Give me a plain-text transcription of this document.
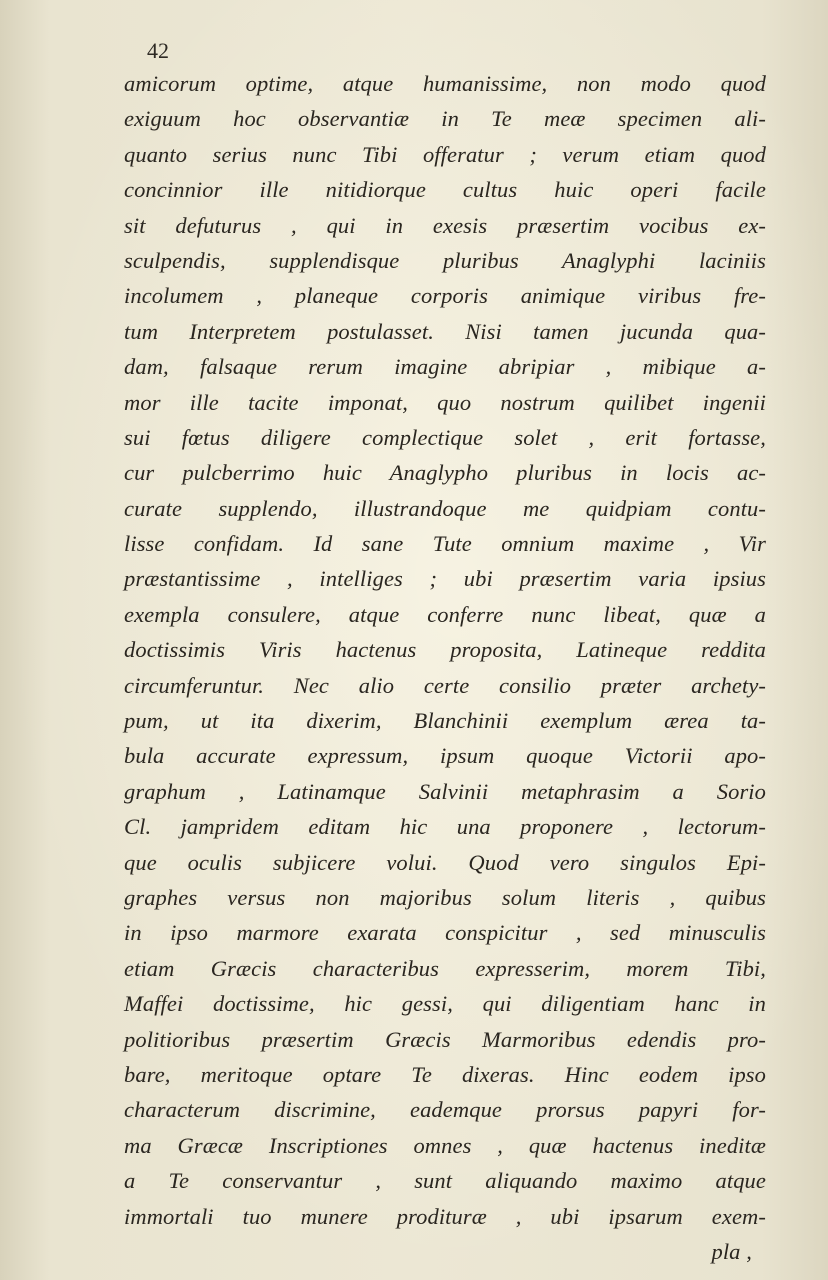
42
amicorum optime, atque humanissime, non modo quod
exiguum hoc observantiæ in Te meæ specimen ali-
quanto serius nunc Tibi offeratur ; verum etiam quod
concinnior ille nitidiorque cultus huic operi facile
sit defuturus , qui in exesis præsertim vocibus ex-
sculpendis, supplendisque pluribus Anaglyphi laciniis
incolumem , planeque corporis animique viribus fre-
tum Interpretem postulasset. Nisi tamen jucunda qua-
dam, falsaque rerum imagine abripiar , mibique a-
mor ille tacite imponat, quo nostrum quilibet ingenii
sui fœtus diligere complectique solet , erit fortasse,
cur pulcberrimo huic Anaglypho pluribus in locis ac-
curate supplendo, illustrandoque me quidpiam contu-
lisse confidam. Id sane Tute omnium maxime , Vir
præstantissime , intelliges ; ubi præsertim varia ipsius
exempla consulere, atque conferre nunc libeat, quæ a
doctissimis Viris hactenus proposita, Latineque reddita
circumferuntur. Nec alio certe consilio præter archety-
pum, ut ita dixerim, Blanchinii exemplum ærea ta-
bula accurate expressum, ipsum quoque Victorii apo-
graphum , Latinamque Salvinii metaphrasim a Sorio
Cl. jampridem editam hic una proponere , lectorum-
que oculis subjicere volui. Quod vero singulos Epi-
graphes versus non majoribus solum literis , quibus
in ipso marmore exarata conspicitur , sed minusculis
etiam Græcis characteribus expresserim, morem Tibi,
Maffei doctissime, hic gessi, qui diligentiam hanc in
politioribus præsertim Græcis Marmoribus edendis pro-
bare, meritoque optare Te dixeras. Hinc eodem ipso
characterum discrimine, eademque prorsus papyri for-
ma Græcæ Inscriptiones omnes , quæ hactenus ineditæ
a Te conservantur , sunt aliquando maximo atque
immortali tuo munere prodituræ , ubi ipsarum exem-
pla ,
